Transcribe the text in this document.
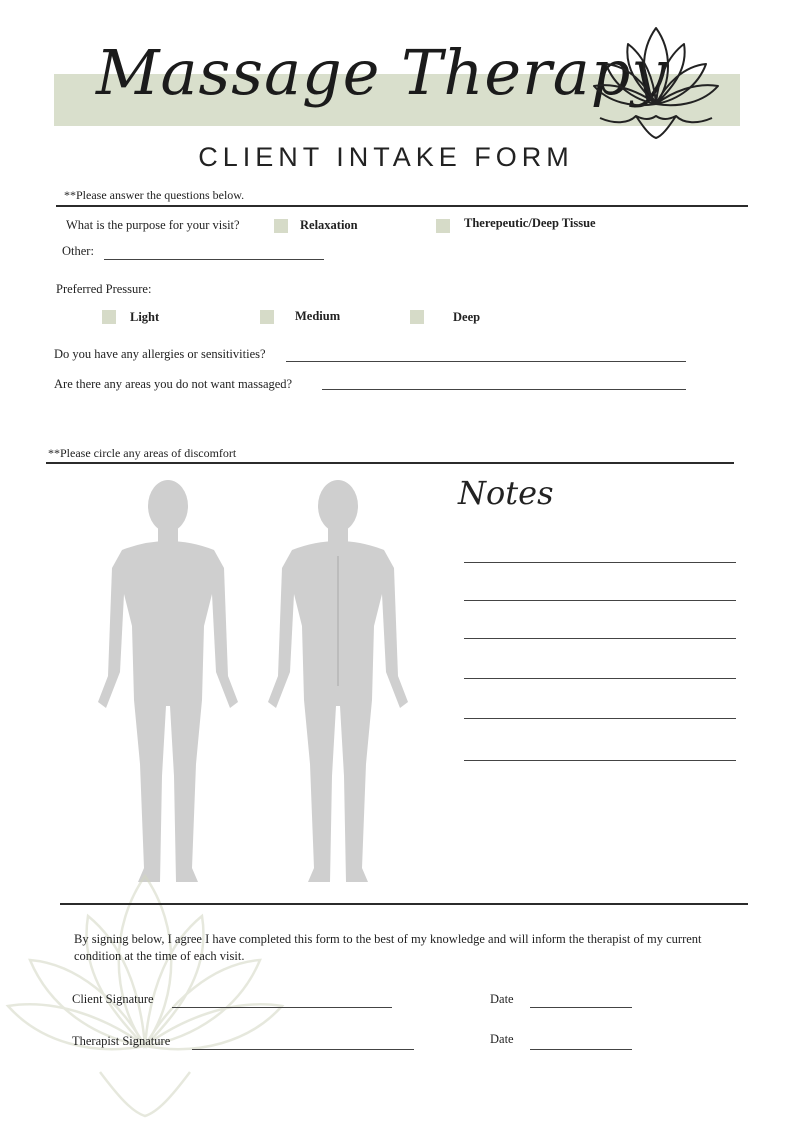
Massage Therapy
CLIENT INTAKE FORM
**Please answer the questions below.
What is the purpose for your visit?	Relaxation	Therepeutic/Deep Tissue
Other:
Preferred Pressure:
Light	Medium	Deep
Do you have any allergies or sensitivities?
Are there any areas you do not want massaged?
**Please circle any areas of discomfort
Notes
By signing below, I agree I have completed this form to the best of my knowledge and will inform the therapist of my current condition at the time of each visit.
Client Signature	Date
Therapist Signature	Date
